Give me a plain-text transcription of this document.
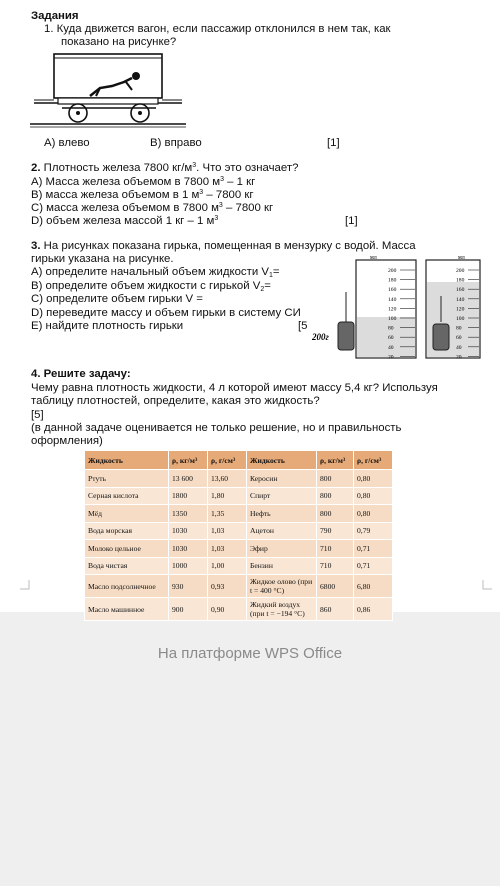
Задания
1. Куда движется вагон, если пассажир отклонился в нем так, как
показано на рисунке?
A) влево	B) вправо	[1]
2. Плотность железа 7800 $кг/м^3$. Что это означает?
A) Масса железа объемом в 7800 $м^3 - 1$ кг
B) масса железа объемом в 1 $м^3 - 7800$ кг
C) масса железа объемом в 7800 $м^3 - 7800$ кг
D) объем железа массой 1 кг – 1 $м^3$	[1]
3. На рисунках показана гирька, помещенная в мензурку с водой. Масса
гирьки указана на рисунке.
A) определите начальный объем жидкости $V_1=$
B) определите объем жидкости с гирькой $V_2=$
C) определите объем гирьки V =
D) переведите массу и объем гирьки в систему СИ
E) найдите плотность гирьки	[5
200
180
160
140
120
100
80
60
40
20
200
180
160
140
120
100
80
60
40
20
мл	мл
200г
4. Решите задачу:
Чему равна плотность жидкости, 4 л которой имеют массу 5,4 кг? Используя
таблицу плотностей, определите, какая это жидкость?
[5]
(в данной задаче оценивается не только решение, но и правильность
оформления)
Жидкость	ρ, кг/м³	ρ, г/см³	Жидкость	ρ, кг/м³	ρ, г/см³
Ртуть	13 600	13,60	Керосин	800	0,80
Серная кислота	1800	1,80	Спирт	800	0,80
Мёд	1350	1,35	Нефть	800	0,80
Вода морская	1030	1,03	Ацетон	790	0,79
Молоко цельное	1030	1,03	Эфир	710	0,71
Вода чистая	1000	1,00	Бензин	710	0,71
Масло подсолнечное	930	0,93	Жидкое олово (при t = 400 °C)	6800	6,80
Масло машинное	900	0,90	Жидкий воздух (при t = −194 °C)	860	0,86
На платформе WPS Office
